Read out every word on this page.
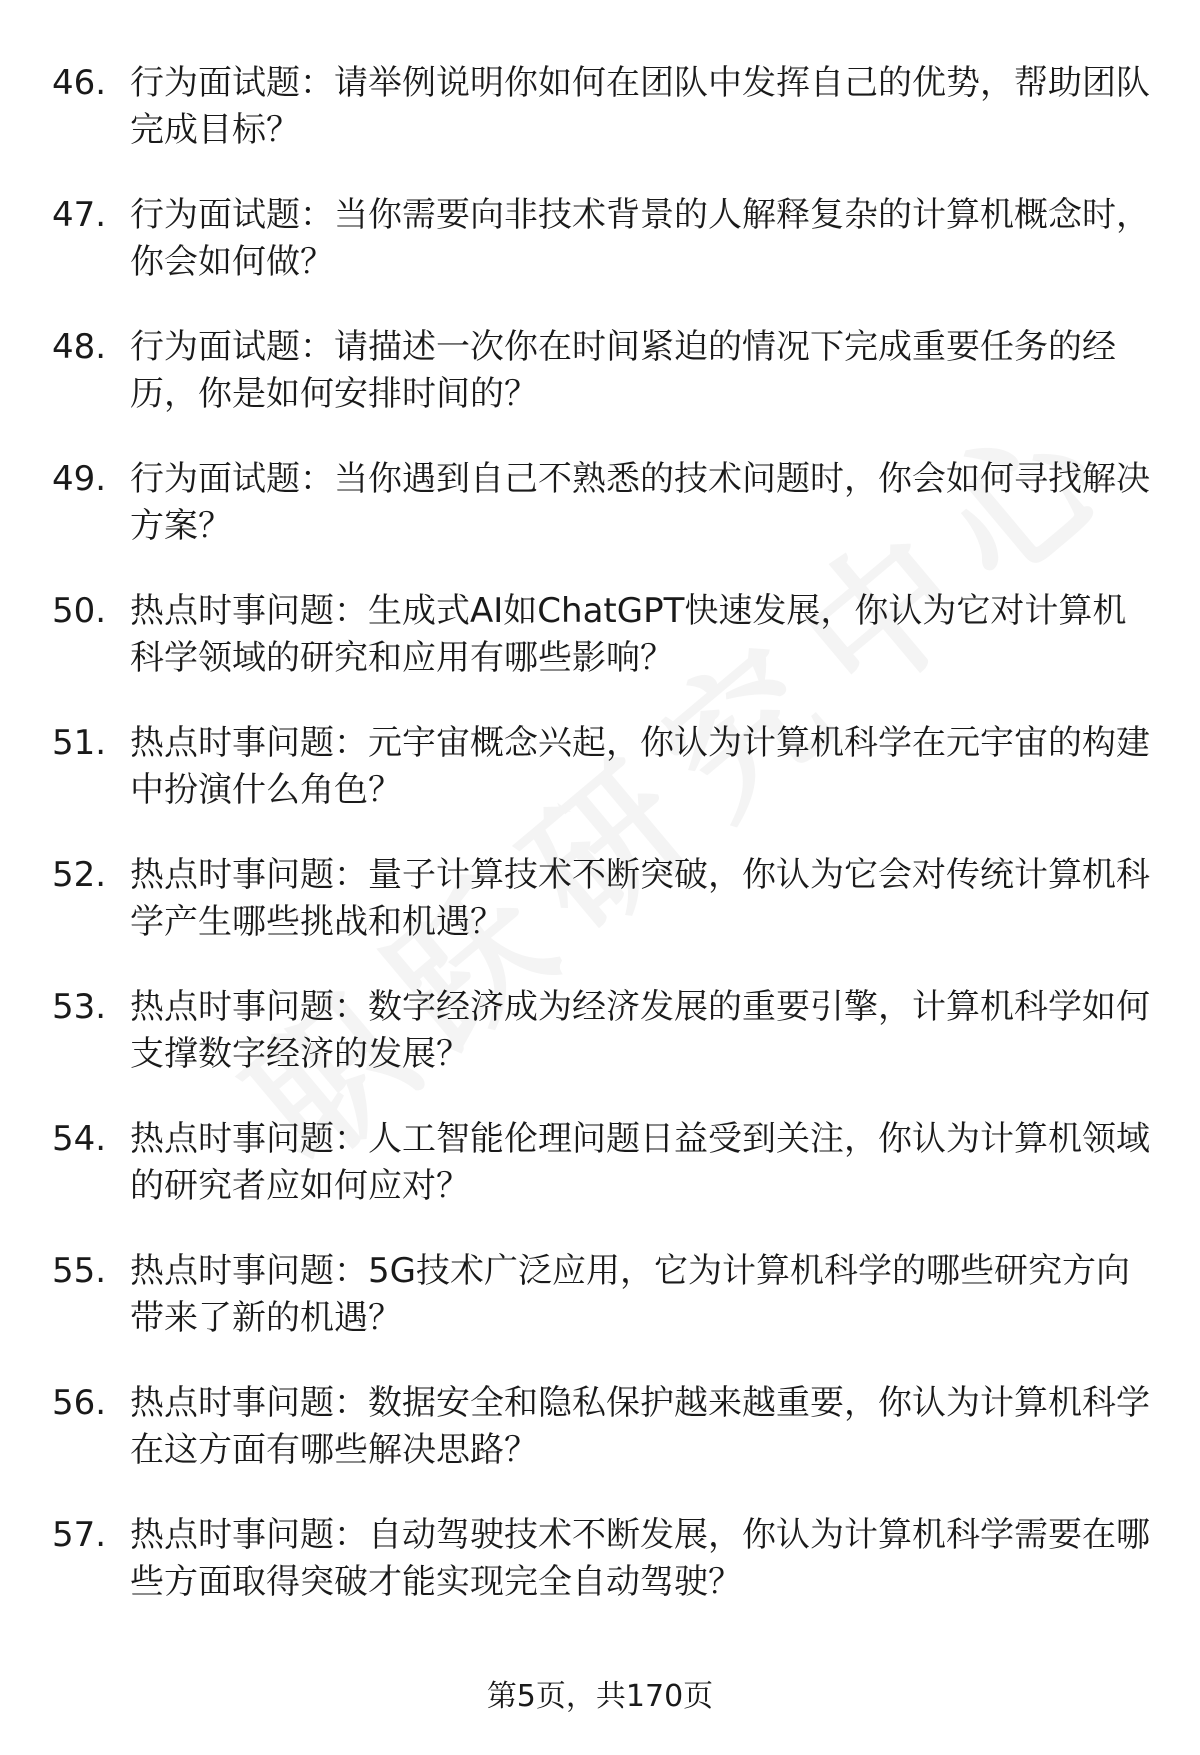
46. 行为面试题：请举例说明你如何在团队中发挥自己的优势，帮助团队完成目标？
47. 行为面试题：当你需要向非技术背景的人解释复杂的计算机概念时，你会如何做？
48. 行为面试题：请描述一次你在时间紧迫的情况下完成重要任务的经历，你是如何安排时间的？
49. 行为面试题：当你遇到自己不熟悉的技术问题时，你会如何寻找解决方案？
50. 热点时事问题：生成式AI如ChatGPT快速发展，你认为它对计算机科学领域的研究和应用有哪些影响？
51. 热点时事问题：元宇宙概念兴起，你认为计算机科学在元宇宙的构建中扮演什么角色？
52. 热点时事问题：量子计算技术不断突破，你认为它会对传统计算机科学产生哪些挑战和机遇？
53. 热点时事问题：数字经济成为经济发展的重要引擎，计算机科学如何支撑数字经济的发展？
54. 热点时事问题：人工智能伦理问题日益受到关注，你认为计算机领域的研究者应如何应对？
55. 热点时事问题：5G技术广泛应用，它为计算机科学的哪些研究方向带来了新的机遇？
56. 热点时事问题：数据安全和隐私保护越来越重要，你认为计算机科学在这方面有哪些解决思路？
57. 热点时事问题：自动驾驶技术不断发展，你认为计算机科学需要在哪些方面取得突破才能实现完全自动驾驶？
第5页，共170页
